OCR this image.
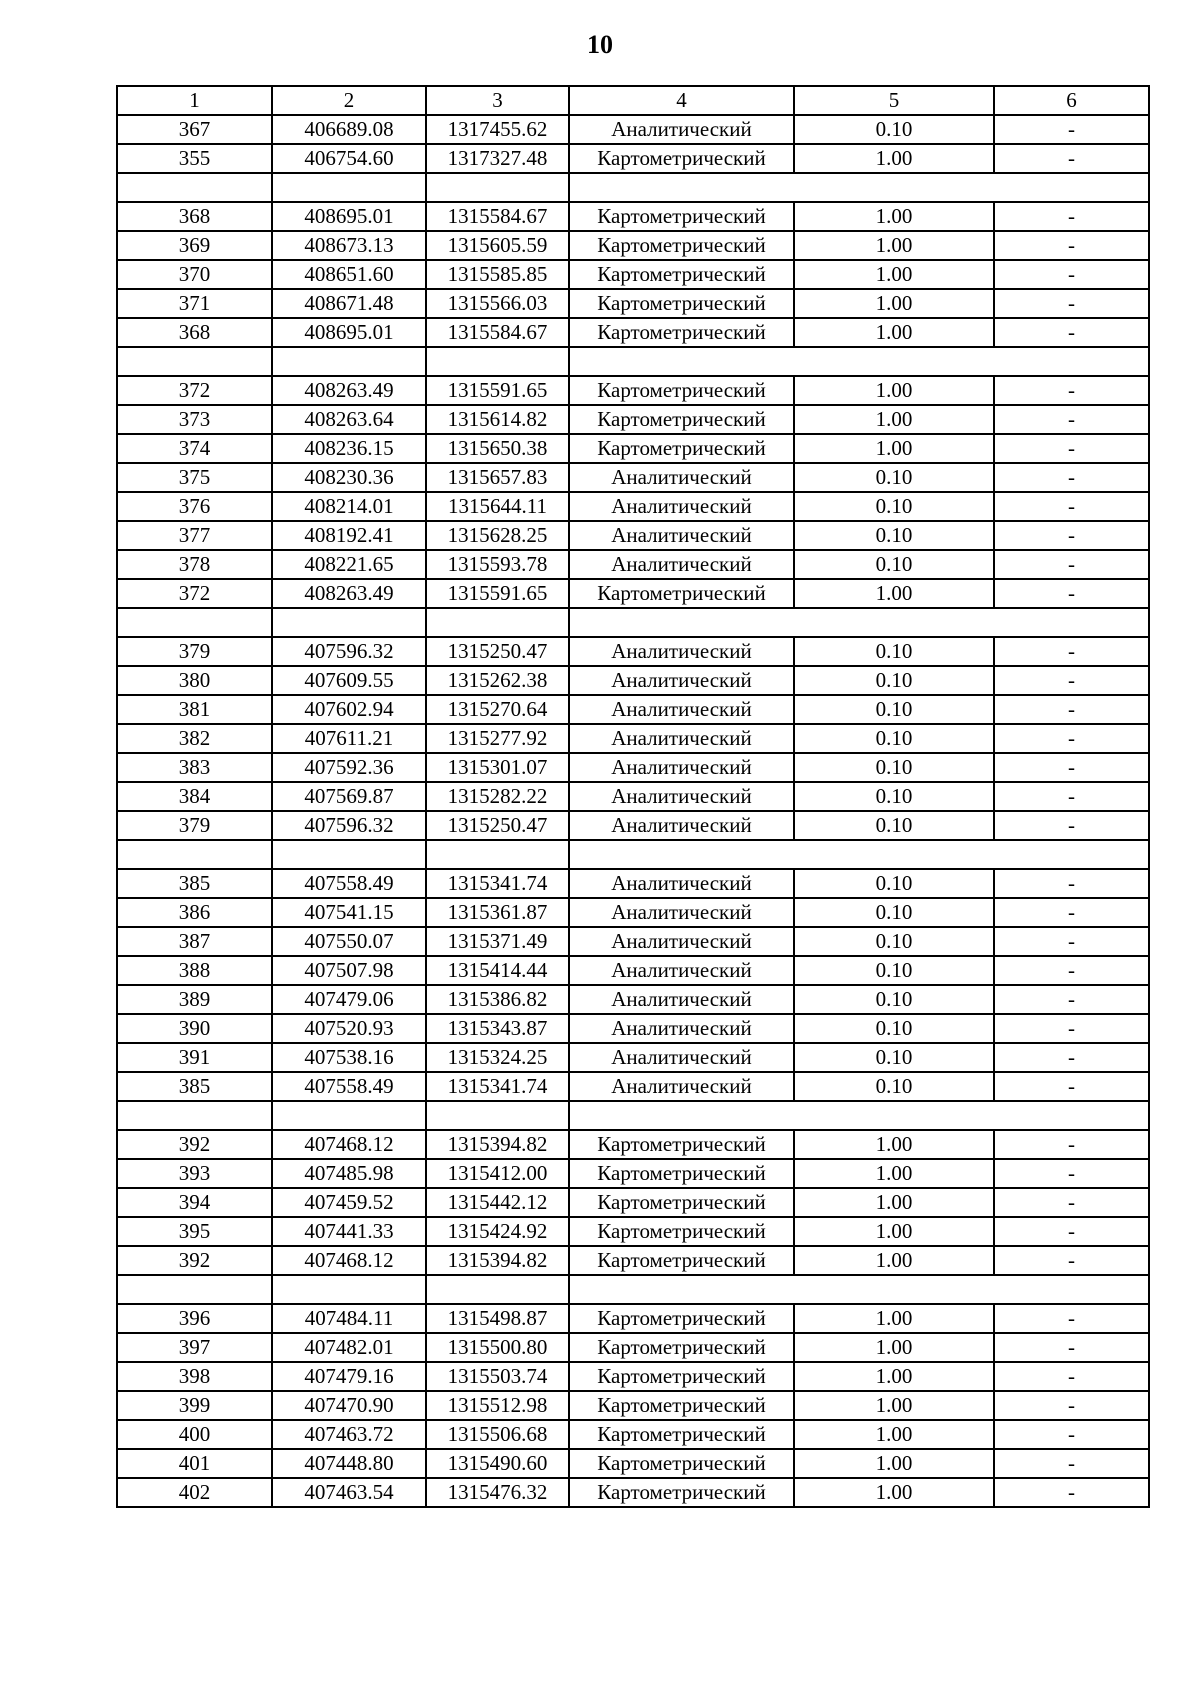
10
1	2	3	4	5	6
367	406689.08	1317455.62	Аналитический	0.10	-
355	406754.60	1317327.48	Картометрический	1.00	-

368	408695.01	1315584.67	Картометрический	1.00	-
369	408673.13	1315605.59	Картометрический	1.00	-
370	408651.60	1315585.85	Картометрический	1.00	-
371	408671.48	1315566.03	Картометрический	1.00	-
368	408695.01	1315584.67	Картометрический	1.00	-

372	408263.49	1315591.65	Картометрический	1.00	-
373	408263.64	1315614.82	Картометрический	1.00	-
374	408236.15	1315650.38	Картометрический	1.00	-
375	408230.36	1315657.83	Аналитический	0.10	-
376	408214.01	1315644.11	Аналитический	0.10	-
377	408192.41	1315628.25	Аналитический	0.10	-
378	408221.65	1315593.78	Аналитический	0.10	-
372	408263.49	1315591.65	Картометрический	1.00	-

379	407596.32	1315250.47	Аналитический	0.10	-
380	407609.55	1315262.38	Аналитический	0.10	-
381	407602.94	1315270.64	Аналитический	0.10	-
382	407611.21	1315277.92	Аналитический	0.10	-
383	407592.36	1315301.07	Аналитический	0.10	-
384	407569.87	1315282.22	Аналитический	0.10	-
379	407596.32	1315250.47	Аналитический	0.10	-

385	407558.49	1315341.74	Аналитический	0.10	-
386	407541.15	1315361.87	Аналитический	0.10	-
387	407550.07	1315371.49	Аналитический	0.10	-
388	407507.98	1315414.44	Аналитический	0.10	-
389	407479.06	1315386.82	Аналитический	0.10	-
390	407520.93	1315343.87	Аналитический	0.10	-
391	407538.16	1315324.25	Аналитический	0.10	-
385	407558.49	1315341.74	Аналитический	0.10	-

392	407468.12	1315394.82	Картометрический	1.00	-
393	407485.98	1315412.00	Картометрический	1.00	-
394	407459.52	1315442.12	Картометрический	1.00	-
395	407441.33	1315424.92	Картометрический	1.00	-
392	407468.12	1315394.82	Картометрический	1.00	-

396	407484.11	1315498.87	Картометрический	1.00	-
397	407482.01	1315500.80	Картометрический	1.00	-
398	407479.16	1315503.74	Картометрический	1.00	-
399	407470.90	1315512.98	Картометрический	1.00	-
400	407463.72	1315506.68	Картометрический	1.00	-
401	407448.80	1315490.60	Картометрический	1.00	-
402	407463.54	1315476.32	Картометрический	1.00	-
